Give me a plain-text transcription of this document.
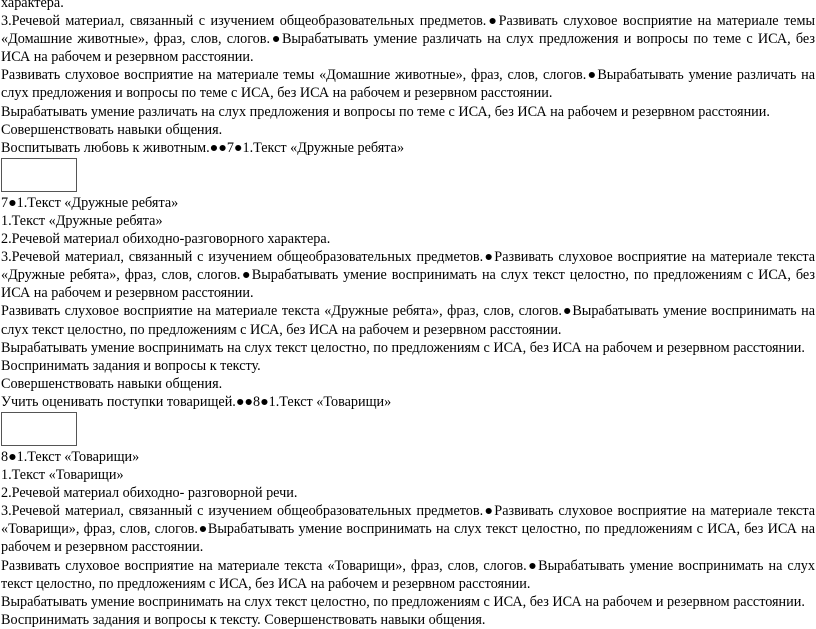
характера.

3.Речевой материал, связанный с изучением общеобразовательных предметов.●Развивать слуховое восприятие на материале темы «Домашние животные», фраз, слов, слогов.●Вырабатывать умение различать на слух предложения и вопросы по теме с ИСА, без ИСА на рабочем и резервном расстоянии.

Развивать слуховое восприятие на материале темы «Домашние животные», фраз, слов, слогов.●Вырабатывать умение различать на слух предложения и вопросы по теме с ИСА, без ИСА на рабочем и резервном расстоянии.

Вырабатывать умение различать на слух предложения и вопросы по теме с ИСА, без ИСА на рабочем и резервном расстоянии.

Совершенствовать навыки общения.

Воспитывать любовь к животным.●●7●1.Текст «Дружные ребята»

7●1.Текст «Дружные ребята»

1.Текст «Дружные ребята»

2.Речевой материал обиходно-разговорного характера.

3.Речевой материал, связанный с изучением общеобразовательных предметов.●Развивать слуховое восприятие на материале текста «Дружные ребята», фраз, слов, слогов.●Вырабатывать умение воспринимать на слух текст целостно, по предложениям с ИСА, без ИСА на рабочем и резервном расстоянии.

Развивать слуховое восприятие на материале текста «Дружные ребята», фраз, слов, слогов.●Вырабатывать умение воспринимать на слух текст целостно, по предложениям с ИСА, без ИСА на рабочем и резервном расстоянии.

Вырабатывать умение воспринимать на слух текст целостно, по предложениям с ИСА, без ИСА на рабочем и резервном расстоянии.

Воспринимать задания и вопросы к тексту.

Совершенствовать навыки общения.

Учить оценивать поступки товарищей.●●8●1.Текст «Товарищи»

8●1.Текст «Товарищи»

1.Текст «Товарищи»

2.Речевой материал обиходно- разговорной речи.

3.Речевой материал, связанный с изучением общеобразовательных предметов.●Развивать слуховое восприятие на материале текста «Товарищи», фраз, слов, слогов.●Вырабатывать умение воспринимать на слух текст целостно, по предложениям с ИСА, без ИСА на рабочем и резервном расстоянии.

Развивать слуховое восприятие на материале текста «Товарищи», фраз, слов, слогов.●Вырабатывать умение воспринимать на слух текст целостно, по предложениям с ИСА, без ИСА на рабочем и резервном расстоянии.

Вырабатывать умение воспринимать на слух текст целостно, по предложениям с ИСА, без ИСА на рабочем и резервном расстоянии.

Воспринимать задания и вопросы к тексту. Совершенствовать навыки общения.
